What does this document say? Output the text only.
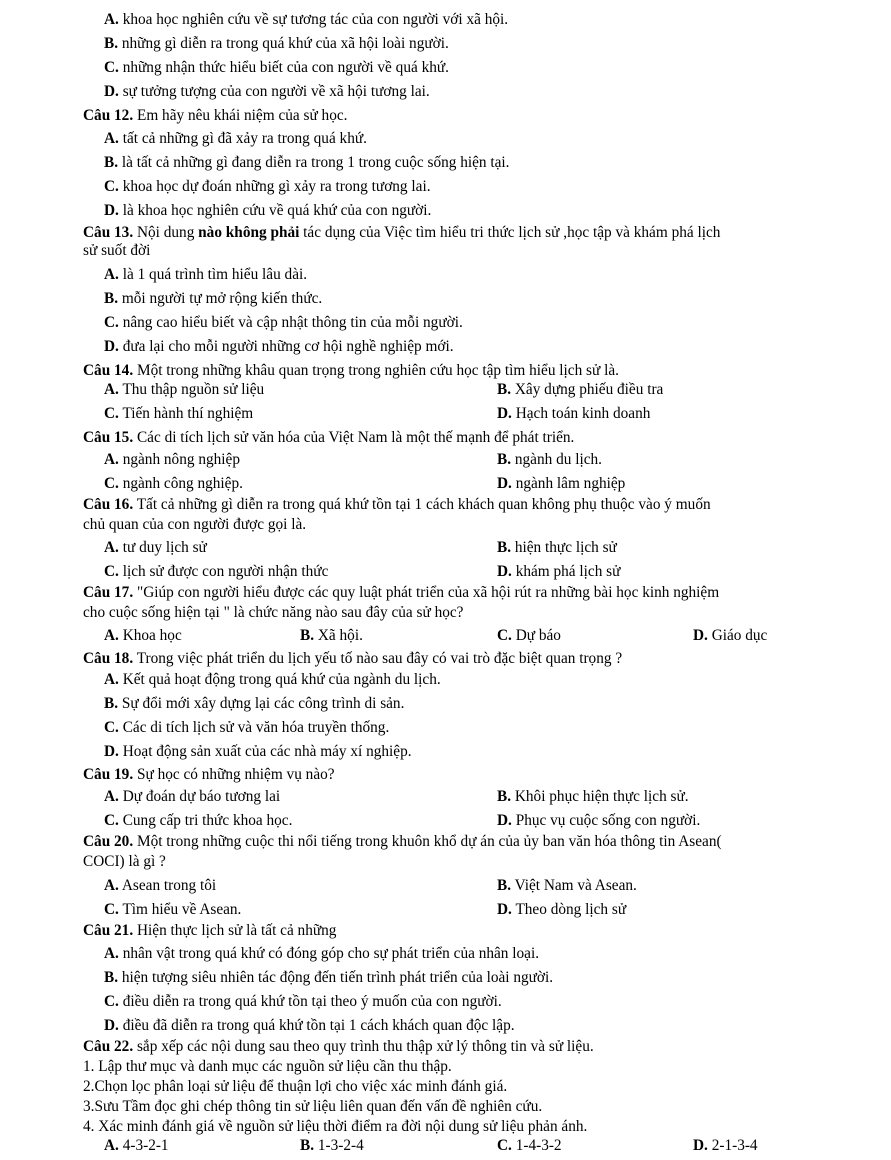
A. khoa học nghiên cứu về sự tương tác của con người với xã hội.
B. những gì diễn ra trong quá khứ của xã hội loài người.
C. những nhận thức hiểu biết của con người về quá khứ.
D. sự tưởng tượng của con người về xã hội tương lai.
Câu 12. Em hãy nêu khái niệm của sử học.
A. tất cả những gì đã xảy ra trong quá khứ.
B. là tất cả những gì đang diễn ra trong 1 trong cuộc sống hiện tại.
C. khoa học dự đoán những gì xảy ra trong tương lai.
D. là khoa học nghiên cứu về quá khứ của con người.
Câu 13. Nội dung nào không phải tác dụng của Việc tìm hiểu tri thức lịch sử ,học tập và khám phá lịch
sử suốt đời
A. là 1 quá trình tìm hiểu lâu dài.
B. mỗi người tự mở rộng kiến thức.
C. nâng cao hiểu biết và cập nhật thông tin của mỗi người.
D. đưa lại cho mỗi người những cơ hội nghề nghiệp mới.
Câu 14. Một trong những khâu quan trọng trong nghiên cứu học tập tìm hiểu lịch sử là.
A. Thu thập nguồn sử liệu	B. Xây dựng phiếu điều tra
C. Tiến hành thí nghiệm	D. Hạch toán kinh doanh
Câu 15. Các di tích lịch sử văn hóa của Việt Nam là một thế mạnh để phát triển.
A. ngành nông nghiệp	B. ngành du lịch.
C. ngành công nghiệp.	D. ngành lâm nghiệp
Câu 16. Tất cả những gì diễn ra trong quá khứ tồn tại 1 cách khách quan không phụ thuộc vào ý muốn
chủ quan của con người được gọi là.
A. tư duy lịch sử	B. hiện thực lịch sử
C. lịch sử được con người nhận thức	D. khám phá lịch sử
Câu 17. "Giúp con người hiểu được các quy luật phát triển của xã hội rút ra những bài học kinh nghiệm
cho cuộc sống hiện tại " là chức năng nào sau đây của sử học?
A. Khoa học	B. Xã hội.	C. Dự báo	D. Giáo dục
Câu 18. Trong việc phát triển du lịch yếu tố nào sau đây có vai trò đặc biệt quan trọng ?
A. Kết quả hoạt động trong quá khứ của ngành du lịch.
B. Sự đổi mới xây dựng lại các công trình di sản.
C. Các di tích lịch sử và văn hóa truyền thống.
D. Hoạt động sản xuất của các nhà máy xí nghiệp.
Câu 19. Sự học có những nhiệm vụ nào?
A. Dự đoán dự báo tương lai	B. Khôi phục hiện thực lịch sử.
C. Cung cấp tri thức khoa học.	D. Phục vụ cuộc sống con người.
Câu 20. Một trong những cuộc thi nổi tiếng trong khuôn khổ dự án của ủy ban văn hóa thông tin Asean(
COCI) là gì ?
A. Asean trong tôi	B. Việt Nam và Asean.
C. Tìm hiểu về Asean.	D. Theo dòng lịch sử
Câu 21. Hiện thực lịch sử là tất cả những
A. nhân vật trong quá khứ có đóng góp cho sự phát triển của nhân loại.
B. hiện tượng siêu nhiên tác động đến tiến trình phát triển của loài người.
C. điều diễn ra trong quá khứ tồn tại theo ý muốn của con người.
D. điều đã diễn ra trong quá khứ tồn tại 1 cách khách quan độc lập.
Câu 22. sắp xếp các nội dung sau theo quy trình thu thập xử lý thông tin và sử liệu.
1. Lập thư mục và danh mục các nguồn sử liệu cần thu thập.
2.Chọn lọc phân loại sử liệu để thuận lợi cho việc xác minh đánh giá.
3.Sưu Tầm đọc ghi chép thông tin sử liệu liên quan đến vấn đề nghiên cứu.
4. Xác minh đánh giá về nguồn sử liệu thời điểm ra đời nội dung sử liệu phản ánh.
A. 4-3-2-1	B. 1-3-2-4	C. 1-4-3-2	D. 2-1-3-4
